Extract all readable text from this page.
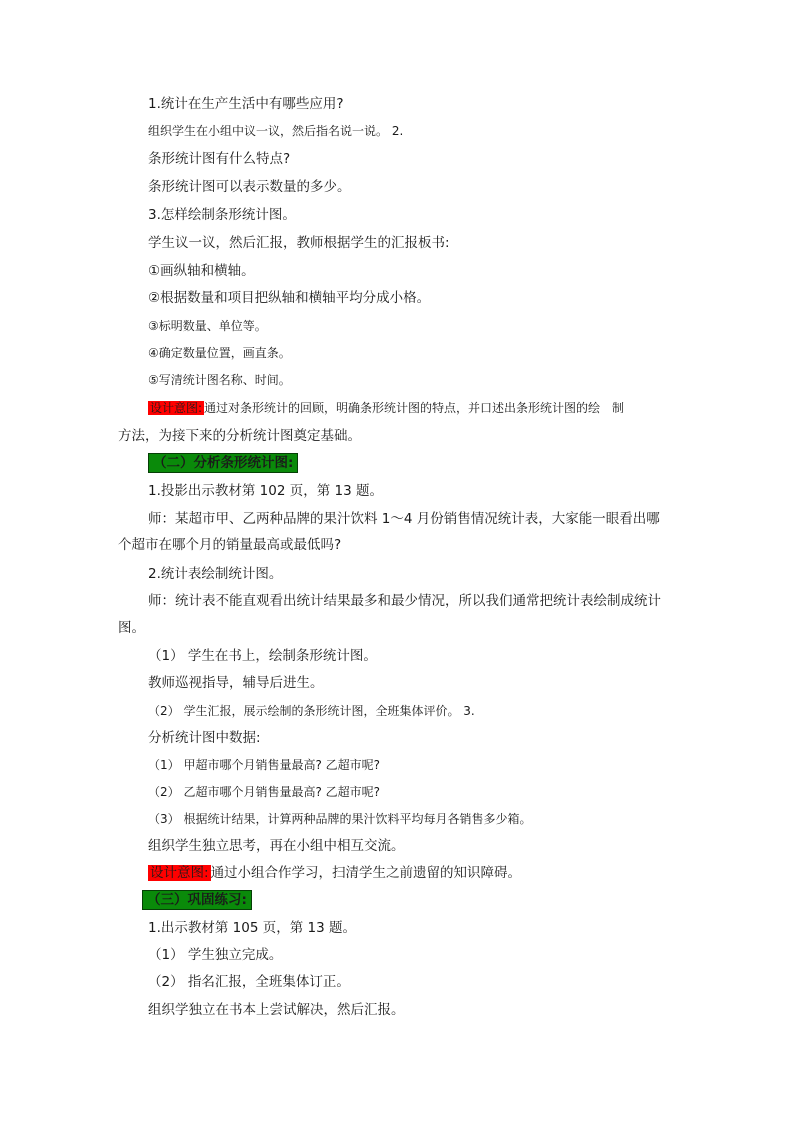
1.统计在生产生活中有哪些应用?
组织学生在小组中议一议，然后指名说一说。 2.
条形统计图有什么特点?
条形统计图可以表示数量的多少。
3.怎样绘制条形统计图。
学生议一议，然后汇报，教师根据学生的汇报板书:
①画纵轴和横轴。
②根据数量和项目把纵轴和横轴平均分成小格。
③标明数量、单位等。
④确定数量位置，画直条。
⑤写清统计图名称、时间。
设计意图: 通过对条形统计的回顾，明确条形统计图的特点，并口述出条形统计图的绘　制
方法，为接下来的分析统计图奠定基础。
（二）分析条形统计图:
1.投影出示教材第 102 页，第 13 题。
师：某超市甲、乙两种品牌的果汁饮料 1～4 月份销售情况统计表，大家能一眼看出哪
个超市在哪个月的销量最高或最低吗?
2.统计表绘制统计图。
师：统计表不能直观看出统计结果最多和最少情况，所以我们通常把统计表绘制成统计
图。
（1） 学生在书上，绘制条形统计图。
教师巡视指导，辅导后进生。
（2） 学生汇报，展示绘制的条形统计图，全班集体评价。 3.
分析统计图中数据:
（1） 甲超市哪个月销售量最高? 乙超市呢?
（2） 乙超市哪个月销售量最高? 乙超市呢?
（3） 根据统计结果，计算两种品牌的果汁饮料平均每月各销售多少箱。
组织学生独立思考，再在小组中相互交流。
设计意图: 通过小组合作学习，扫清学生之前遗留的知识障碍。
（三）巩固练习:
1.出示教材第 105 页，第 13 题。
（1） 学生独立完成。
（2） 指名汇报，全班集体订正。
组织学独立在书本上尝试解决，然后汇报。
